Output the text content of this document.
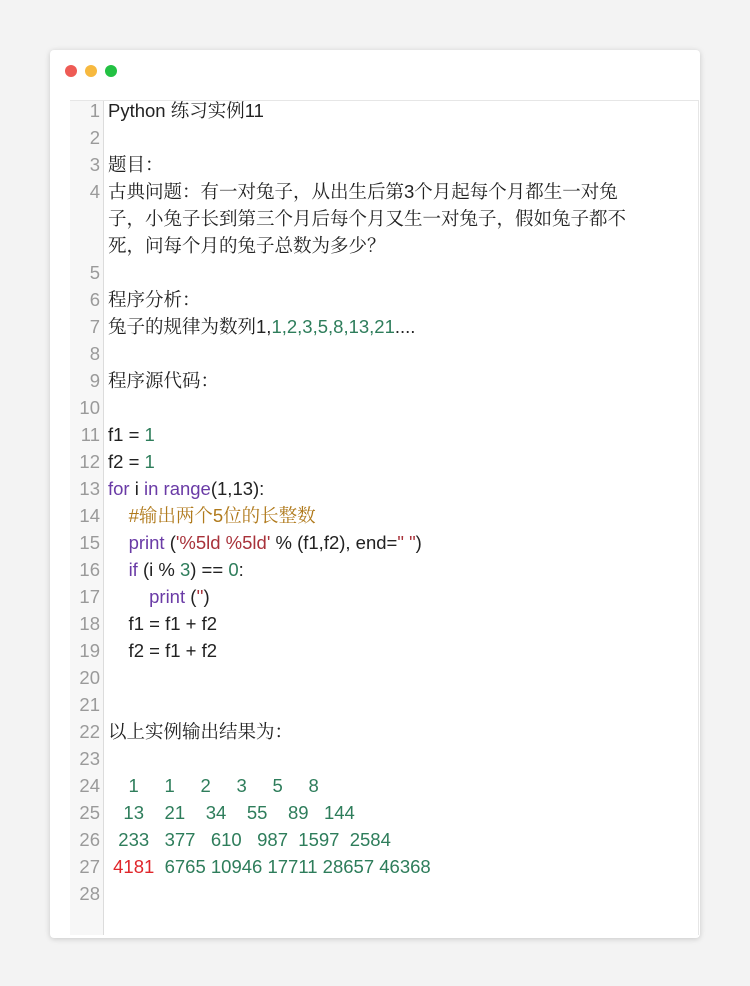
1 Python 练习实例11
2
3 题目：
4 古典问题：有一对兔子，从出生后第3个月起每个月都生一对兔
子，小兔子长到第三个月后每个月又生一对兔子，假如兔子都不
死，问每个月的兔子总数为多少？
5
6 程序分析：
7 兔子的规律为数列1,1,2,3,5,8,13,21....
8
9 程序源代码：
10
11 f1 = 1
12 f2 = 1
13 for i in range(1,13):
14	#输出两个5位的长整数
15	print ('%5ld %5ld' % (f1,f2), end=" ")
16	if (i % 3) == 0:
17	print ('')
18 f1 = f1 + f2
19 f2 = f1 + f2
20
21
22 以上实例输出结果为：
23
24 1     1     2     3     5     8
25 13    21    34    55    89   144
26 233   377   610   987  1597  2584
27 4181  6765 10946 17711 28657 46368
28
